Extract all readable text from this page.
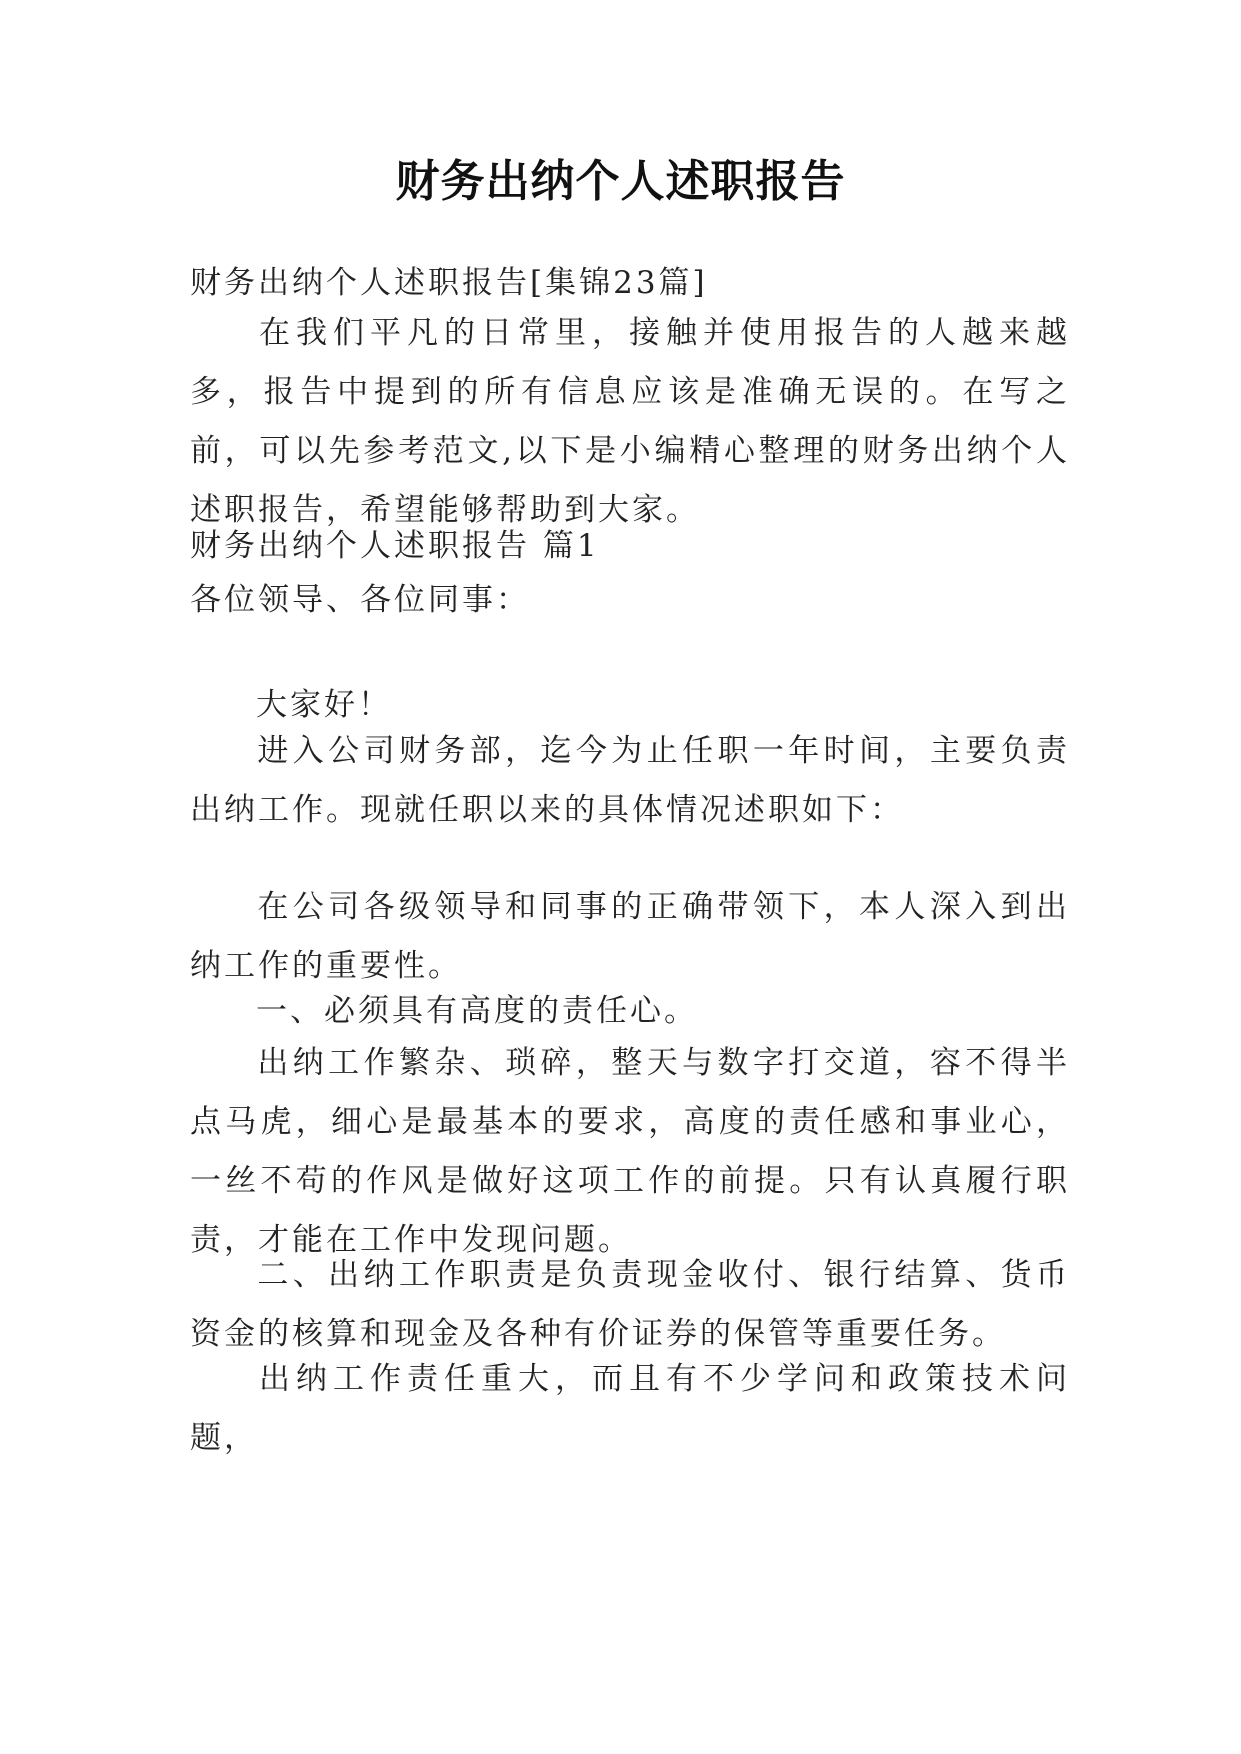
财务出纳个人述职报告
财务出纳个人述职报告[集锦23篇]
在我们平凡的日常里，接触并使用报告的人越来越多，报告中提到的所有信息应该是准确无误的。在写之前，可以先参考范文,以下是小编精心整理的财务出纳个人述职报告，希望能够帮助到大家。
财务出纳个人述职报告 篇1
各位领导、各位同事：
大家好！
进入公司财务部，迄今为止任职一年时间，主要负责出纳工作。现就任职以来的具体情况述职如下：
在公司各级领导和同事的正确带领下，本人深入到出纳工作的重要性。
一、必须具有高度的责任心。
出纳工作繁杂、琐碎，整天与数字打交道，容不得半点马虎，细心是最基本的要求，高度的责任感和事业心，一丝不苟的作风是做好这项工作的前提。只有认真履行职责，才能在工作中发现问题。
二、出纳工作职责是负责现金收付、银行结算、货币资金的核算和现金及各种有价证券的保管等重要任务。
出纳工作责任重大，而且有不少学问和政策技术问题，
